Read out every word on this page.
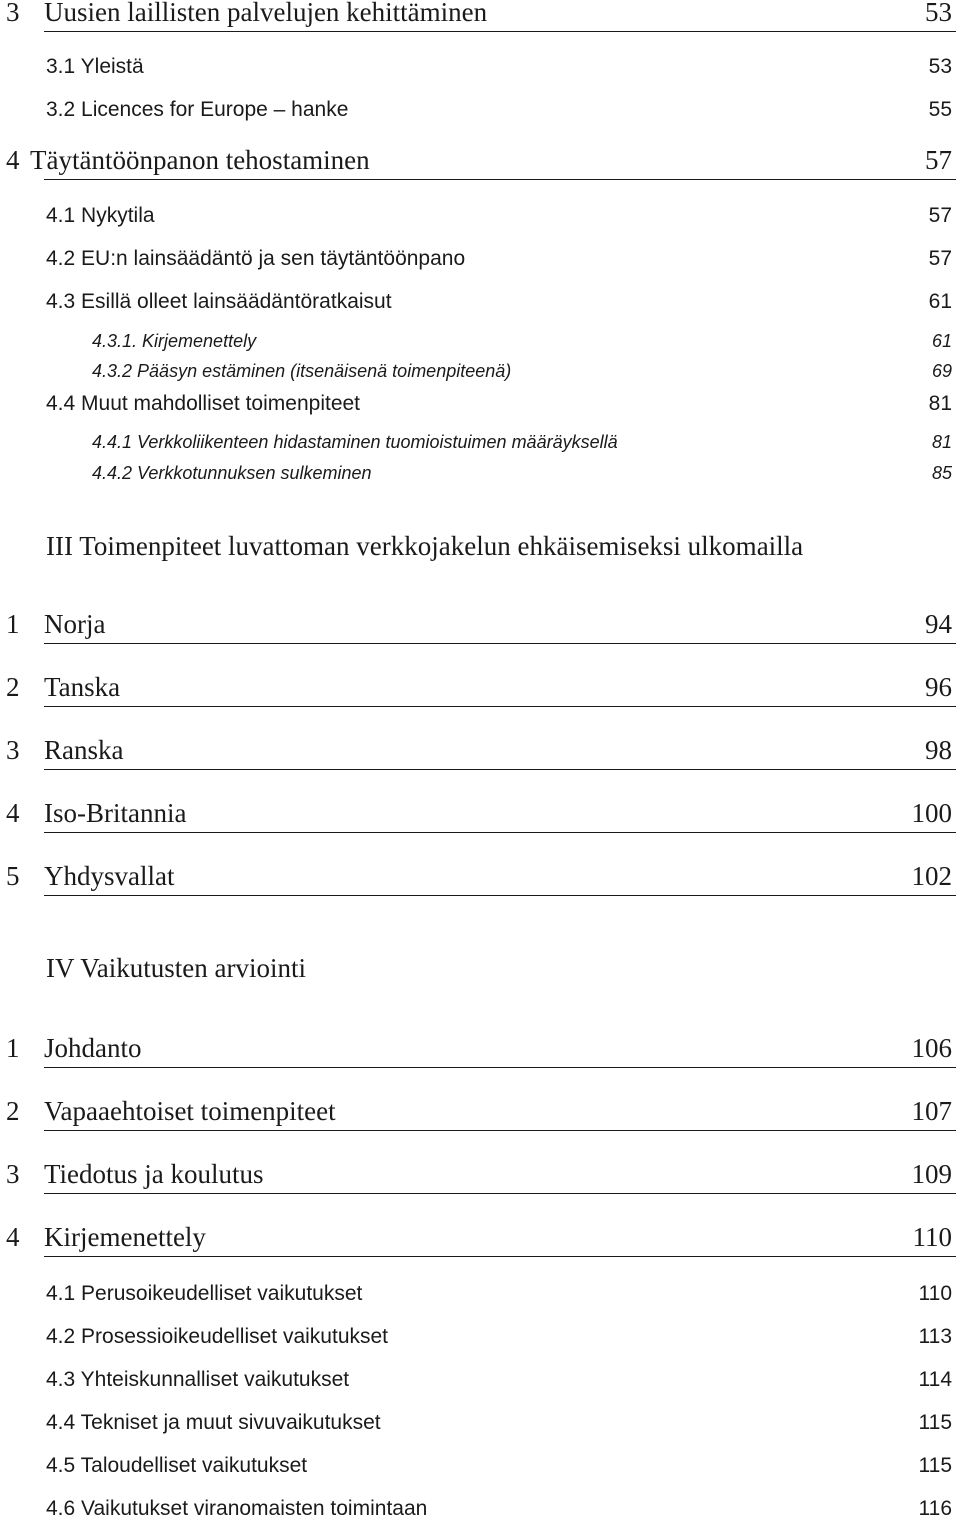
3 Uusien laillisten palvelujen kehittäminen	53
3.1 Yleistä	53
3.2 Licences for Europe – hanke	55
4 Täytäntöönpanon tehostaminen	57
4.1 Nykytila	57
4.2 EU:n lainsäädäntö ja sen täytäntöönpano	57
4.3 Esillä olleet lainsäädäntöratkaisut	61
4.3.1. Kirjemenettely	61
4.3.2 Pääsyn estäminen (itsenäisenä toimenpiteenä)	69
4.4 Muut mahdolliset toimenpiteet	81
4.4.1 Verkkoliikenteen hidastaminen tuomioistuimen määräyksellä	81
4.4.2 Verkkotunnuksen sulkeminen	85
III Toimenpiteet luvattoman verkkojakelun ehkäisemiseksi ulkomailla
1 Norja	94
2 Tanska	96
3 Ranska	98
4 Iso-Britannia	100
5 Yhdysvallat	102
IV Vaikutusten arviointi
1 Johdanto	106
2 Vapaaehtoiset toimenpiteet	107
3 Tiedotus ja koulutus	109
4 Kirjemenettely	110
4.1 Perusoikeudelliset vaikutukset	110
4.2 Prosessioikeudelliset vaikutukset	113
4.3 Yhteiskunnalliset vaikutukset	114
4.4 Tekniset ja muut sivuvaikutukset	115
4.5 Taloudelliset vaikutukset	115
4.6 Vaikutukset viranomaisten toimintaan	116
